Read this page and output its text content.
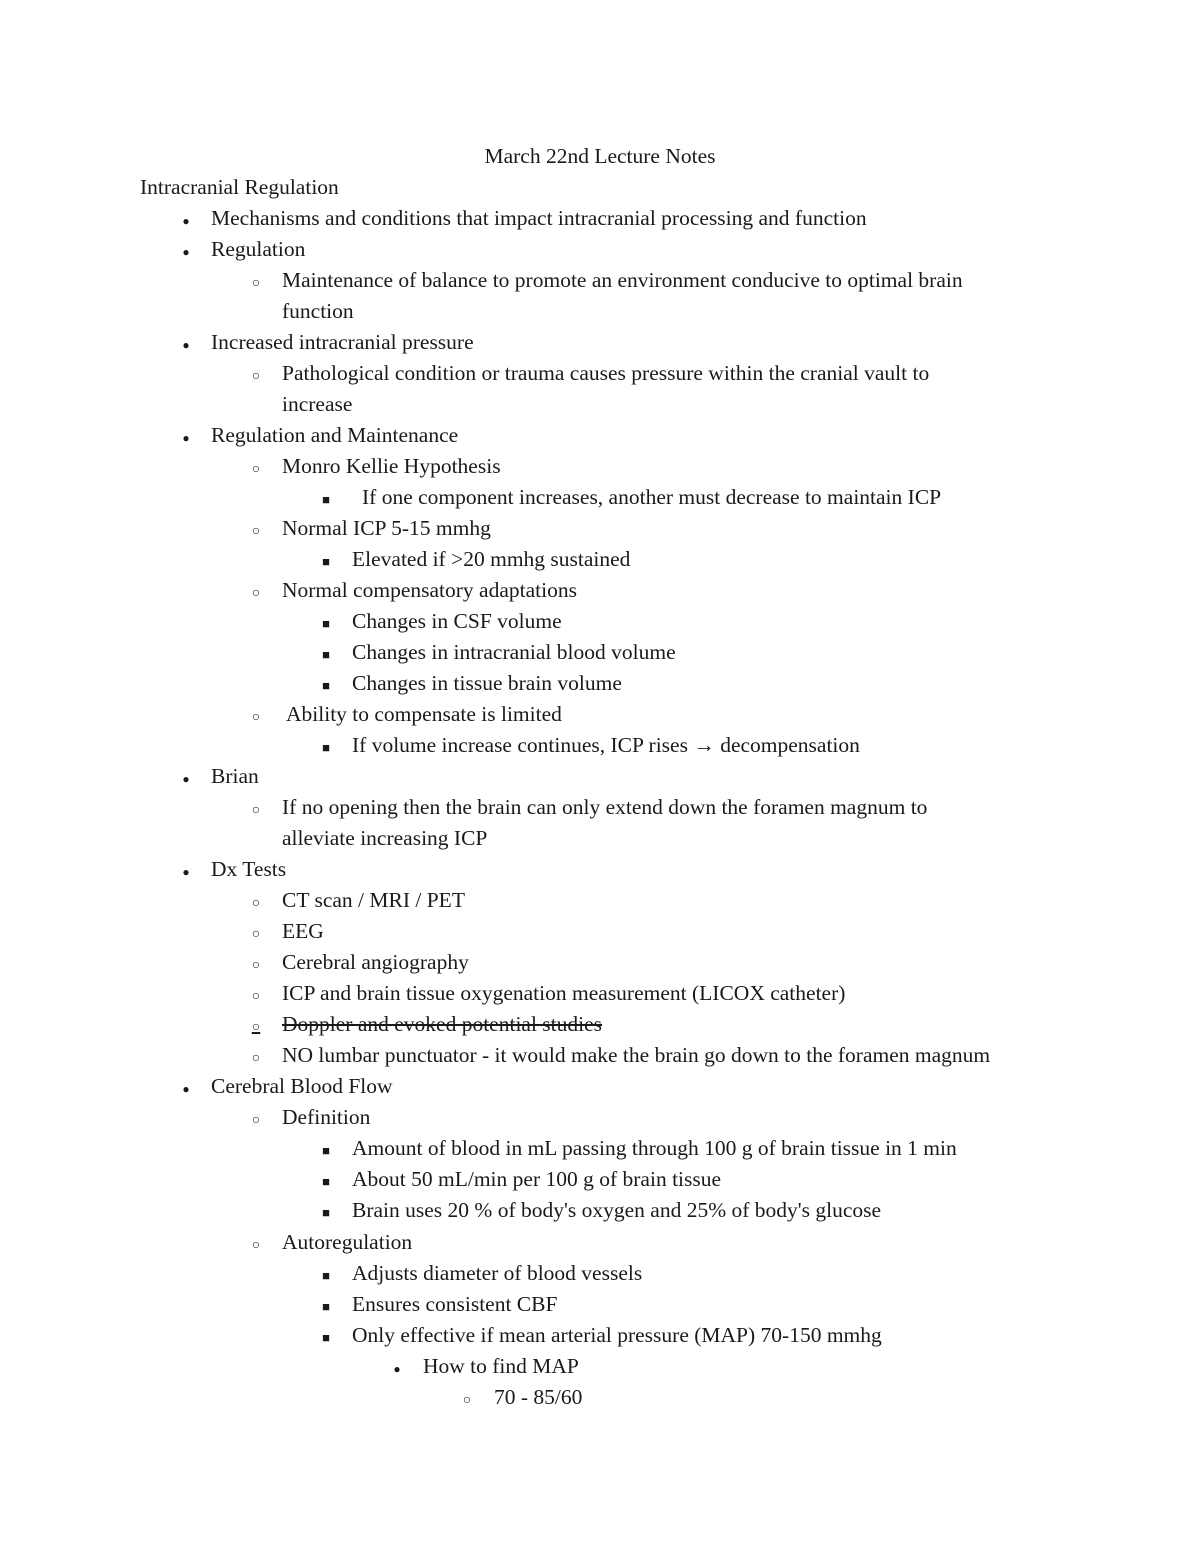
March 22nd Lecture Notes
Intracranial Regulation
●
Mechanisms and conditions that impact intracranial processing and function
●
Regulation
○
Maintenance of balance to promote an environment conducive to optimal brain
function
●
Increased intracranial pressure
○
Pathological condition or trauma causes pressure within the cranial vault to
increase
●
Regulation and Maintenance
○
Monro Kellie Hypothesis
■
If one component increases, another must decrease to maintain ICP
○
Normal ICP 5-15 mmhg
■
Elevated if >20 mmhg sustained
○
Normal compensatory adaptations
■
Changes in CSF volume
■
Changes in intracranial blood volume
■
Changes in tissue brain volume
○
Ability to compensate is limited
■
If volume increase continues, ICP rises → decompensation
●
Brian
○
If no opening then the brain can only extend down the foramen magnum to
alleviate increasing ICP
●
Dx Tests
○
CT scan / MRI / PET
○
EEG
○
Cerebral angiography
○
ICP and brain tissue oxygenation measurement (LICOX catheter)
○
Doppler and evoked potential studies
○
NO lumbar punctuator - it would make the brain go down to the foramen magnum
●
Cerebral Blood Flow
○
Definition
■
Amount of blood in mL passing through 100 g of brain tissue in 1 min
■
About 50 mL/min per 100 g of brain tissue
■
Brain uses 20 % of body's oxygen and 25% of body's glucose
○
Autoregulation
■
Adjusts diameter of blood vessels
■
Ensures consistent CBF
■
Only effective if mean arterial pressure (MAP) 70-150 mmhg
●
How to find MAP
○
70 - 85/60
